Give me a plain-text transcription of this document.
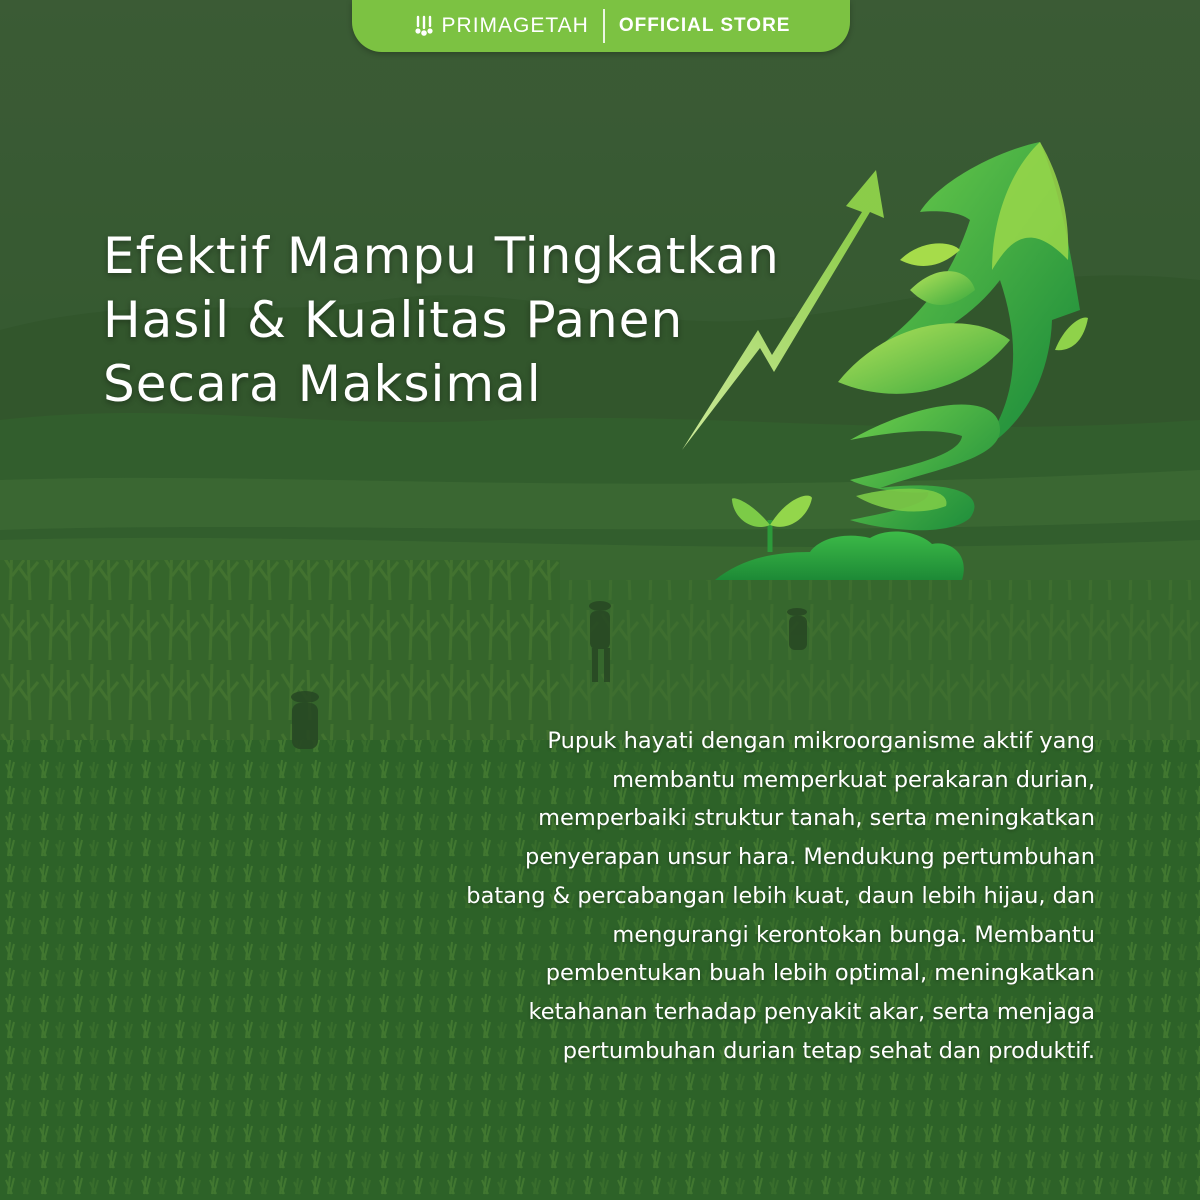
PRIMAGETAH OFFICIAL STORE
Efektif Mampu Tingkatkan
Hasil & Kualitas Panen
Secara Maksimal

Pupuk hayati dengan mikroorganisme aktif yang
membantu memperkuat perakaran durian,
memperbaiki struktur tanah, serta meningkatkan
penyerapan unsur hara. Mendukung pertumbuhan
batang & percabangan lebih kuat, daun lebih hijau, dan
mengurangi kerontokan bunga. Membantu
pembentukan buah lebih optimal, meningkatkan
ketahanan terhadap penyakit akar, serta menjaga
pertumbuhan durian tetap sehat dan produktif.
